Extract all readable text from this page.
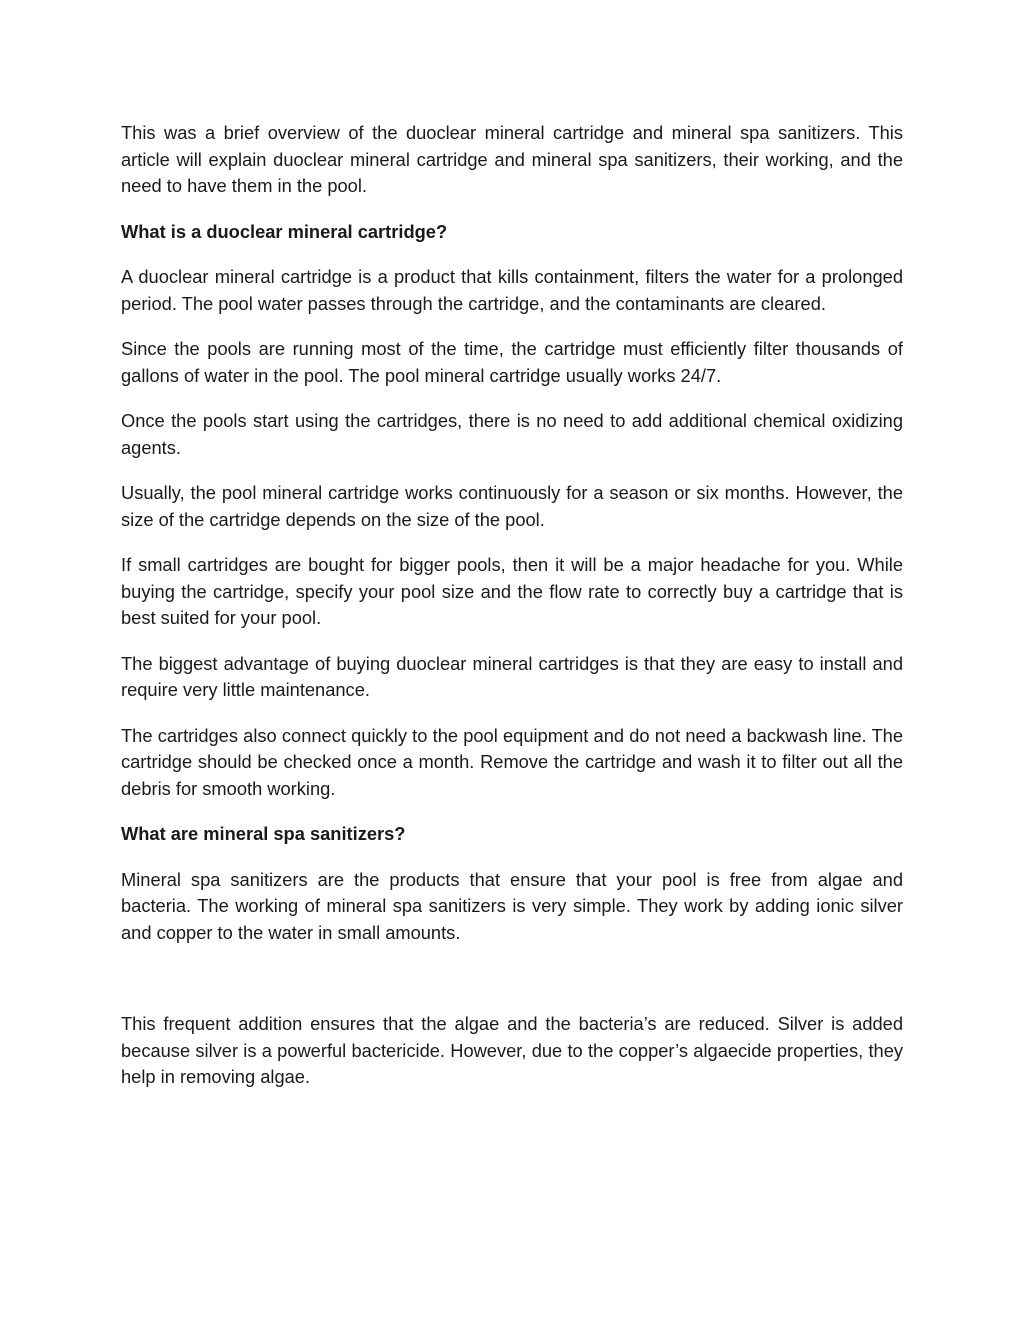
This was a brief overview of the duoclear mineral cartridge and mineral spa sanitizers. This article will explain duoclear mineral cartridge and mineral spa sanitizers, their working, and the need to have them in the pool.

What is a duoclear mineral cartridge?

A duoclear mineral cartridge is a product that kills containment, filters the water for a prolonged period. The pool water passes through the cartridge, and the contaminants are cleared.

Since the pools are running most of the time, the cartridge must efficiently filter thousands of gallons of water in the pool. The pool mineral cartridge usually works 24/7.

Once the pools start using the cartridges, there is no need to add additional chemical oxidizing agents.

Usually, the pool mineral cartridge works continuously for a season or six months. However, the size of the cartridge depends on the size of the pool.

If small cartridges are bought for bigger pools, then it will be a major headache for you. While buying the cartridge, specify your pool size and the flow rate to correctly buy a cartridge that is best suited for your pool.

The biggest advantage of buying duoclear mineral cartridges is that they are easy to install and require very little maintenance.

The cartridges also connect quickly to the pool equipment and do not need a backwash line. The cartridge should be checked once a month. Remove the cartridge and wash it to filter out all the debris for smooth working.

What are mineral spa sanitizers?

Mineral spa sanitizers are the products that ensure that your pool is free from algae and bacteria. The working of mineral spa sanitizers is very simple. They work by adding ionic silver and copper to the water in small amounts.

This frequent addition ensures that the algae and the bacteria’s are reduced. Silver is added because silver is a powerful bactericide. However, due to the copper’s algaecide properties, they help in removing algae.
